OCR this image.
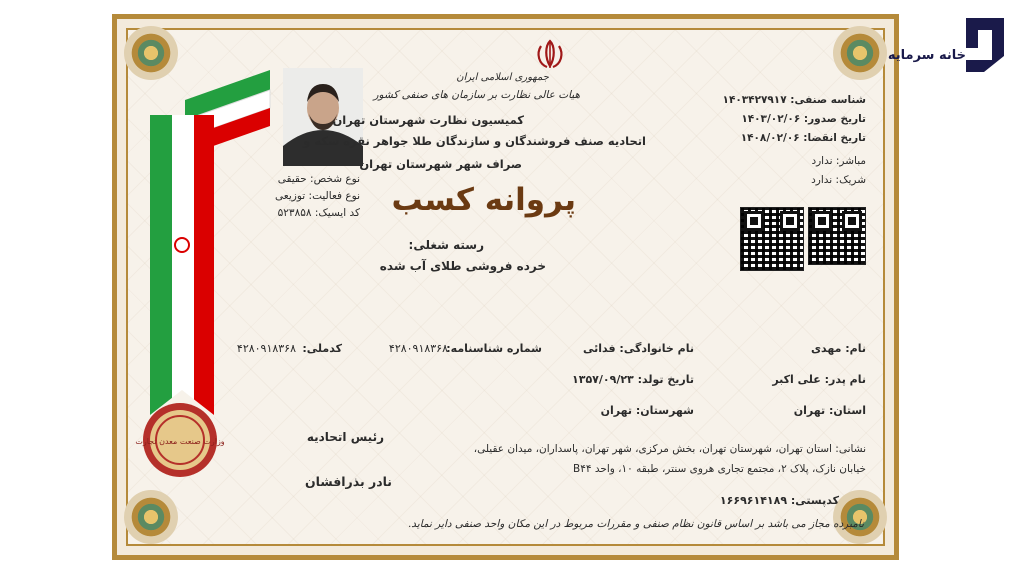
وزارت صنعت معدن تجارت
نوع شخص: حقیقی
نوع فعالیت: توزیعی
کد ایسیک: ۵۲۳۸۵۸
جمهوری اسلامی ایران
هیات عالی نظارت بر سازمان های صنفی کشور
کمیسیون نظارت شهرستان تهران
اتحادیه صنف فروشندگان و سازندگان طلا جواهر نقره سکه و
صراف شهر شهرستان تهران
پروانه کسب
رسته شغلی:
خرده فروشی طلای آب شده
شناسه صنفی: ۱۴۰۳۴۲۷۹۱۷
تاریخ صدور: ۱۴۰۳/۰۲/۰۶
تاریخ انقضا: ۱۴۰۸/۰۲/۰۶
مباشر: ندارد
شریک: ندارد
نام: مهدی
نام خانوادگی: فدائی
شماره شناسنامه:
۴۲۸۰۹۱۸۳۶۸
کدملی:
۴۲۸۰۹۱۸۳۶۸
نام پدر: علی اکبر
تاریخ تولد: ۱۳۵۷/۰۹/۲۳
استان: تهران
شهرستان: تهران
نشانی: استان تهران، شهرستان تهران، بخش مرکزی، شهر تهران، پاسداران، میدان عقیلی،
خیابان نازک، پلاک ۲، مجتمع تجاری هروی سنتر، طبقه ۱۰، واحد B۴۴
کدپستی: ۱۶۶۹۶۱۴۱۸۹
رئیس اتحادیه
نادر بذرافشان
نامبرده مجاز می باشد بر اساس قانون نظام صنفی و مقررات مربوط در این مکان واحد صنفی دایر نماید.
خانه سرمایه
